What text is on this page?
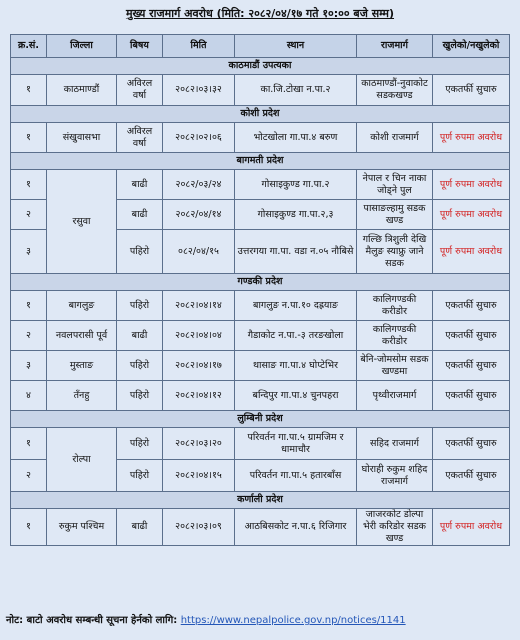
मुख्य राजमार्ग अवरोध (मिति: २०८२/०४/१७ गते १०:०० बजे सम्म)
क्र.सं.	जिल्ला	बिषय	मिति	स्थान	राजमार्ग	खुलेको/नखुलेको
काठमाडौं उपत्यका						
१	काठमाण्डौं	अविरल वर्षा	२०८२।०३।३२	का.जि.टोखा न.पा.२	काठमाण्डौं-नुवाकोट सडकखण्ड	एकतर्फी सुचारु
कोशी प्रदेश						
१	संखुवासभा	अविरल वर्षा	२०८२।०२।०६	भोटखोला गा.पा.४ बरुण	कोशी राजमार्ग	पूर्ण रुपमा अवरोध
बागमती प्रदेश						
१	रसुवा	बाढी	२०८२/०३/२४	गोसाइकुण्ड गा.पा.२	नेपाल र चिन नाका जोड्ने पुल	पूर्ण रुपमा अवरोध
२		बाढी	२०८२/०४/१४	गोसाइकुण्ड गा.पा.२,३	पासाङल्हामु सडक खण्ड	पूर्ण रुपमा अवरोध
३		पहिरो	०८२/०४/१५	उत्तरगया गा.पा. वडा न.०५ नौबिसे	गल्छि त्रिशुली देखि मैलुङ स्याफ्रु जाने सडक	पूर्ण रुपमा अवरोध
गण्डकी प्रदेश						
१	बागलुङ	पहिरो	२०८२।०४।१४	बागलुङ न.पा.१० दह्रयाङ	कालिगण्डकी करीडोर	एकतर्फी सुचारु
२	नवलपरासी पूर्व	बाढी	२०८२।०४।०४	गैडाकोट न.पा.-३ तरङखोला	कालिगण्डकी करीडोर	एकतर्फी सुचारु
३	मुस्ताङ	पहिरो	२०८२।०४।१७	थासाङ गा.पा.४ घोप्टेभिर	बेनि-जोमसोम सडक खण्डमा	एकतर्फी सुचारु
४	तँनहु	पहिरो	२०८२।०४।१२	बन्दिपुर गा.पा.४ चुनपहरा	पृथ्वीराजमार्ग	एकतर्फी सुचारु
लुम्बिनी प्रदेश						
१	रोल्पा	पहिरो	२०८२।०३।२०	परिवर्तन गा.पा.५ ग्रामजिम र धामाचौर	सहिद राजमार्ग	एकतर्फी सुचारु
२		पहिरो	२०८२।०४।१५	परिवर्तन गा.पा.५ हतारबाँस	घोराही रुकुम शहिद राजमार्ग	एकतर्फी सुचारु
कर्णाली प्रदेश						
१	रुकुम पश्चिम	बाढी	२०८२।०३।०९	आठबिसकोट न.पा.६ रिजिगार	जाजरकोट डोल्पा भेरी करिडोर सडक खण्ड	पूर्ण रुपमा अवरोध
नोट: बाटो अवरोध सम्बन्धी सूचना हेर्नको लागि: https://www.nepalpolice.gov.np/notices/1141
